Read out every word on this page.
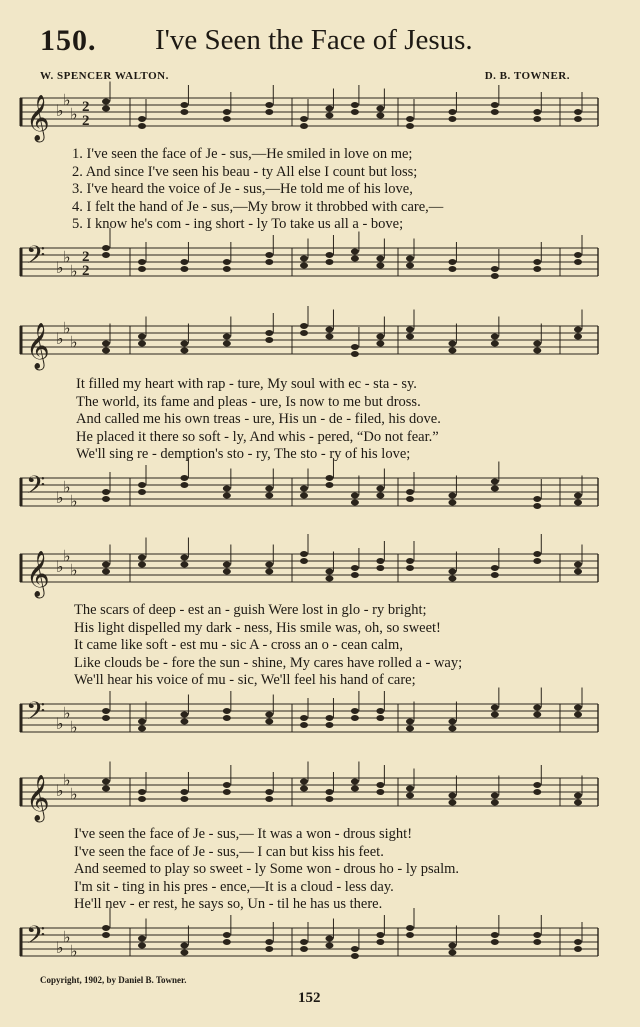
150. I've Seen the Face of Jesus.
W. SPENCER WALTON.	D. B. TOWNER.
𝄞 ♭
♭
♭ 2
2
1. I've seen the face of Je - sus,—He smiled in love on me;
2. And since I've seen his beau - ty All else I count but loss;
3. I've heard the voice of Je - sus,—He told me of his love,
4. I felt the hand of Je - sus,—My brow it throbbed with care,—
5. I know he's com - ing short - ly To take us all a - bove;
𝄢 ♭
♭
♭
2
2
𝄞 ♭
♭
♭
It filled my heart with rap - ture, My soul with ec - sta - sy.
The world, its fame and pleas - ure, Is now to me but dross.
And called me his own treas - ure, His un - de - filed, his dove.
He placed it there so soft - ly, And whis - pered, “Do not fear.”
We'll sing re - demption's sto - ry, The sto - ry of his love;
𝄢 ♭
♭
♭
𝄞 ♭
♭
♭
The scars of deep - est an - guish Were lost in glo - ry bright;
His light dispelled my dark - ness, His smile was, oh, so sweet!
It came like soft - est mu - sic A - cross an o - cean calm,
Like clouds be - fore the sun - shine, My cares have rolled a - way;
We'll hear his voice of mu - sic, We'll feel his hand of care;
𝄢 ♭
♭
♭
𝄞 ♭
♭
♭
I've seen the face of Je - sus,— It was a won - drous sight!
I've seen the face of Je - sus,— I can but kiss his feet.
And seemed to play so sweet - ly Some won - drous ho - ly psalm.
I'm sit - ting in his pres - ence,—It is a cloud - less day.
He'll nev - er rest, he says so, Un - til he has us there.
𝄢 ♭
♭
♭
Copyright, 1902, by Daniel B. Towner.
152
